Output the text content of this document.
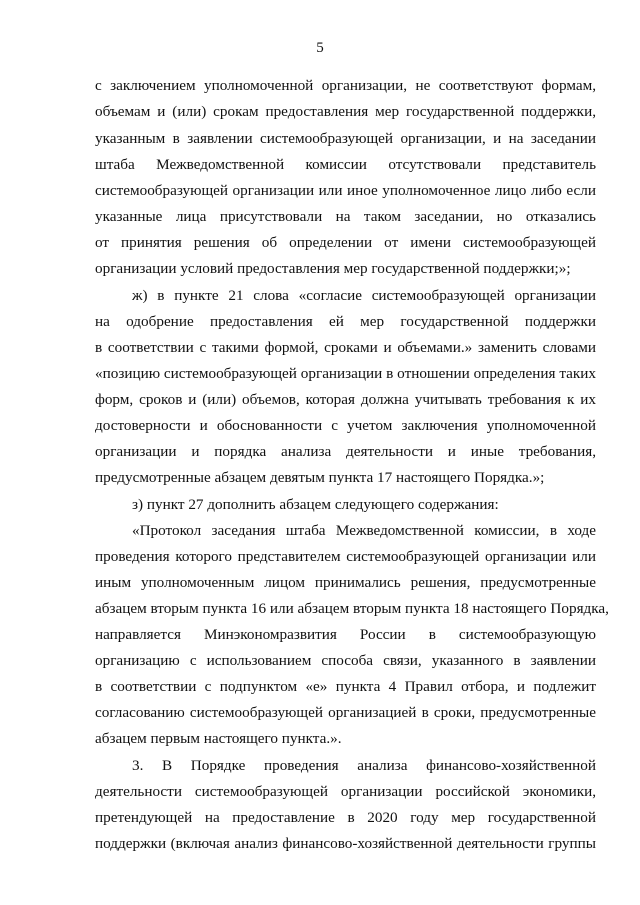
5
с заключением уполномоченной организации, не соответствуют формам,
объемам и (или) срокам предоставления мер государственной поддержки,
указанным в заявлении системообразующей организации, и на заседании
штаба Межведомственной комиссии отсутствовали представитель
системообразующей организации или иное уполномоченное лицо либо если
указанные лица присутствовали на таком заседании, но отказались
от принятия решения об определении от имени системообразующей
организации условий предоставления мер государственной поддержки;»;
ж) в пункте 21 слова «согласие системообразующей организации
на одобрение предоставления ей мер государственной поддержки
в соответствии с такими формой, сроками и объемами.» заменить словами
«позицию системообразующей организации в отношении определения таких
форм, сроков и (или) объемов, которая должна учитывать требования к их
достоверности и обоснованности с учетом заключения уполномоченной
организации и порядка анализа деятельности и иные требования,
предусмотренные абзацем девятым пункта 17 настоящего Порядка.»;
з) пункт 27 дополнить абзацем следующего содержания:
«Протокол заседания штаба Межведомственной комиссии, в ходе
проведения которого представителем системообразующей организации или
иным уполномоченным лицом принимались решения, предусмотренные
абзацем вторым пункта 16 или абзацем вторым пункта 18 настоящего Порядка,
направляется Минэкономразвития России в системообразующую
организацию с использованием способа связи, указанного в заявлении
в соответствии с подпунктом «е» пункта 4 Правил отбора, и подлежит
согласованию системообразующей организацией в сроки, предусмотренные
абзацем первым настоящего пункта.».
3. В Порядке проведения анализа финансово-хозяйственной
деятельности системообразующей организации российской экономики,
претендующей на предоставление в 2020 году мер государственной
поддержки (включая анализ финансово-хозяйственной деятельности группы
